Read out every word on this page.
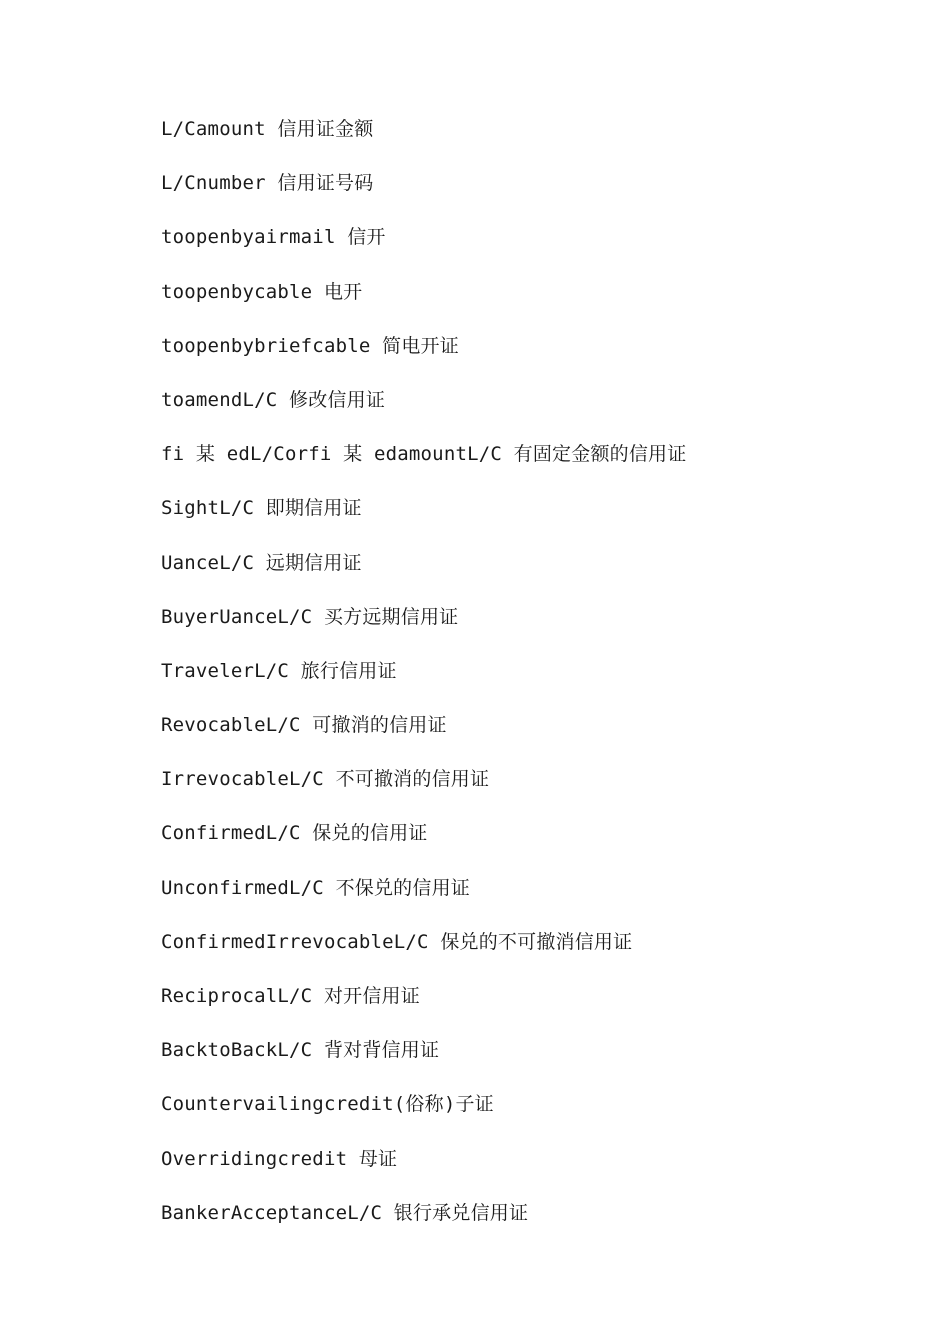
L/Camount 信用证金额
L/Cnumber 信用证号码
toopenbyairmail 信开
toopenbycable 电开
toopenbybriefcable 简电开证
toamendL/C 修改信用证
fi 某 edL/Corfi 某 edamountL/C 有固定金额的信用证
SightL/C 即期信用证
UanceL/C 远期信用证
BuyerUanceL/C 买方远期信用证
TravelerL/C 旅行信用证
RevocableL/C 可撤消的信用证
IrrevocableL/C 不可撤消的信用证
ConfirmedL/C 保兑的信用证
UnconfirmedL/C 不保兑的信用证
ConfirmedIrrevocableL/C 保兑的不可撤消信用证
ReciprocalL/C 对开信用证
BacktoBackL/C 背对背信用证
Countervailingcredit(俗称)子证
Overridingcredit 母证
BankerAcceptanceL/C 银行承兑信用证
